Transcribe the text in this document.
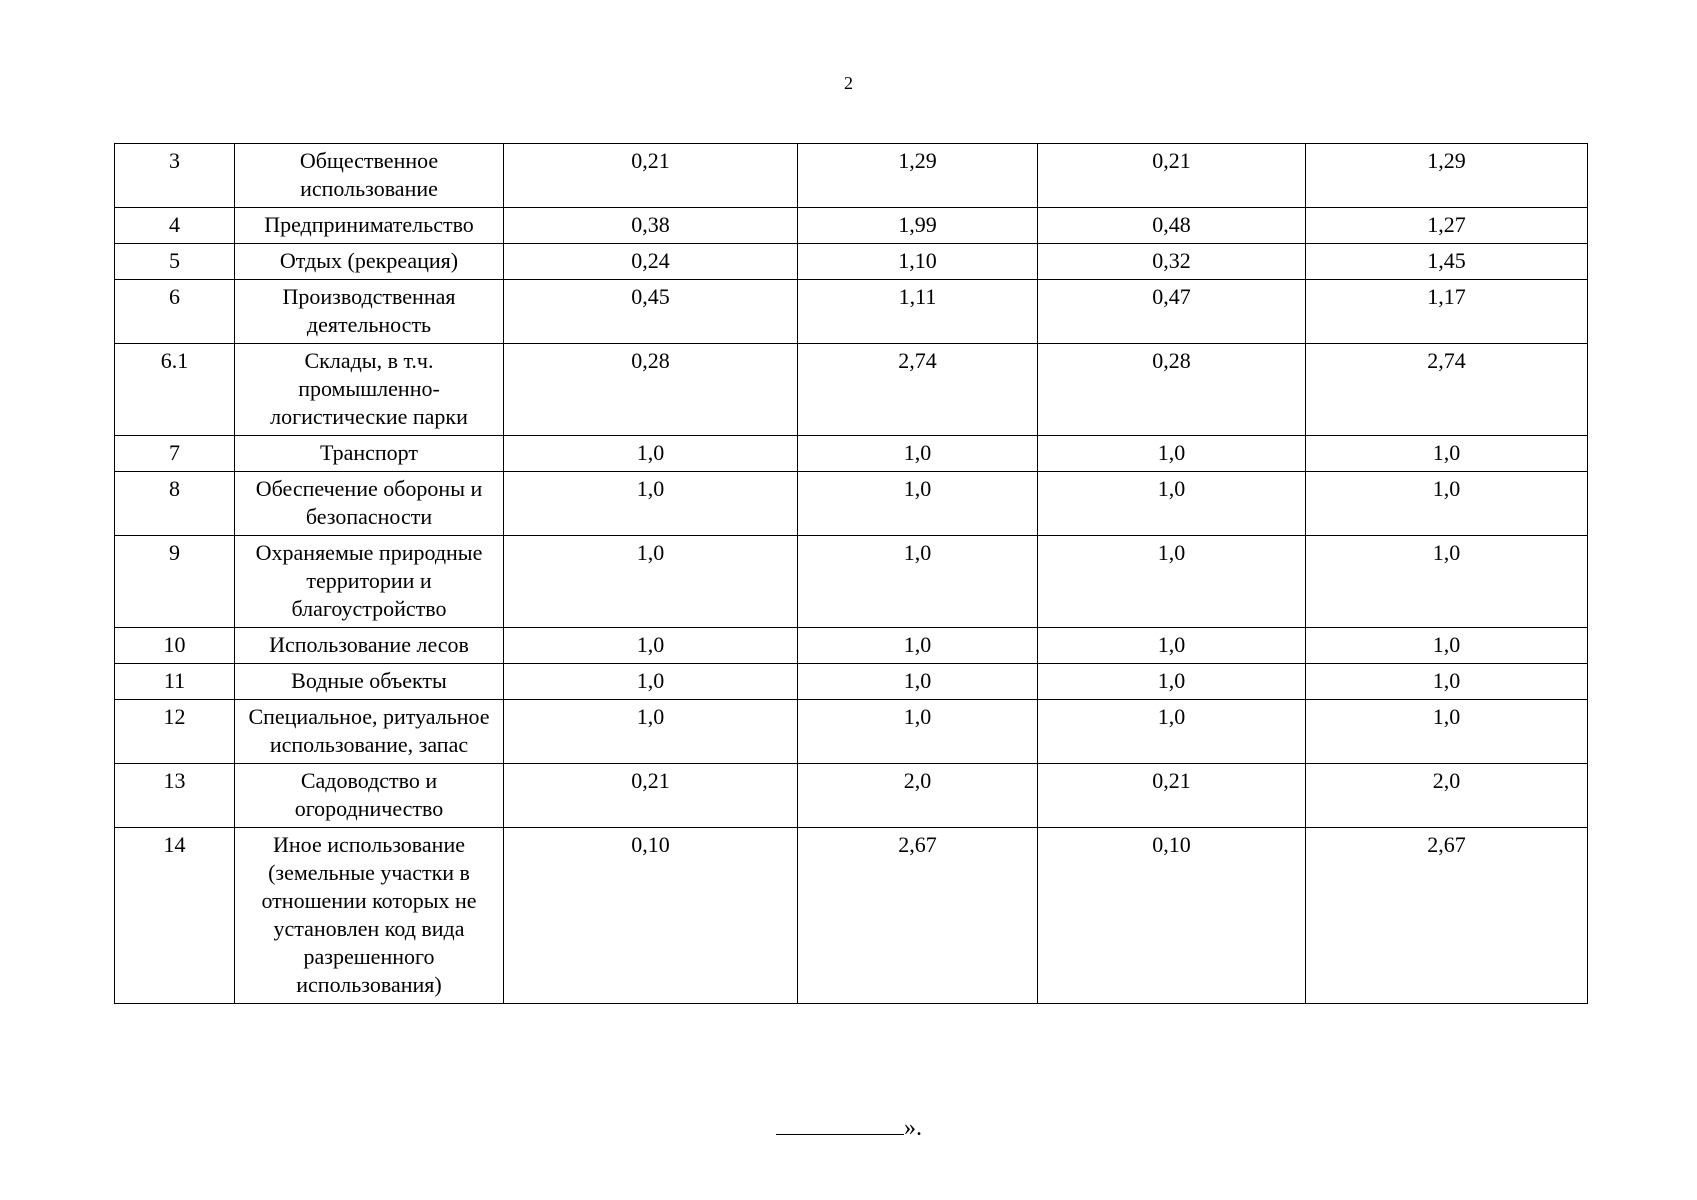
2
3	Общественное использование	0,21	1,29	0,21	1,29
4	Предпринимательство	0,38	1,99	0,48	1,27
5	Отдых (рекреация)	0,24	1,10	0,32	1,45
6	Производственная деятельность	0,45	1,11	0,47	1,17
6.1	Склады, в т.ч. промышленно-логистические парки	0,28	2,74	0,28	2,74
7	Транспорт	1,0	1,0	1,0	1,0
8	Обеспечение обороны и безопасности	1,0	1,0	1,0	1,0
9	Охраняемые природные территории и благоустройство	1,0	1,0	1,0	1,0
10	Использование лесов	1,0	1,0	1,0	1,0
11	Водные объекты	1,0	1,0	1,0	1,0
12	Специальное, ритуальное использование, запас	1,0	1,0	1,0	1,0
13	Садоводство и огородничество	0,21	2,0	0,21	2,0
14	Иное использование (земельные участки в отношении которых не установлен код вида разрешенного использования)	0,10	2,67	0,10	2,67
».
